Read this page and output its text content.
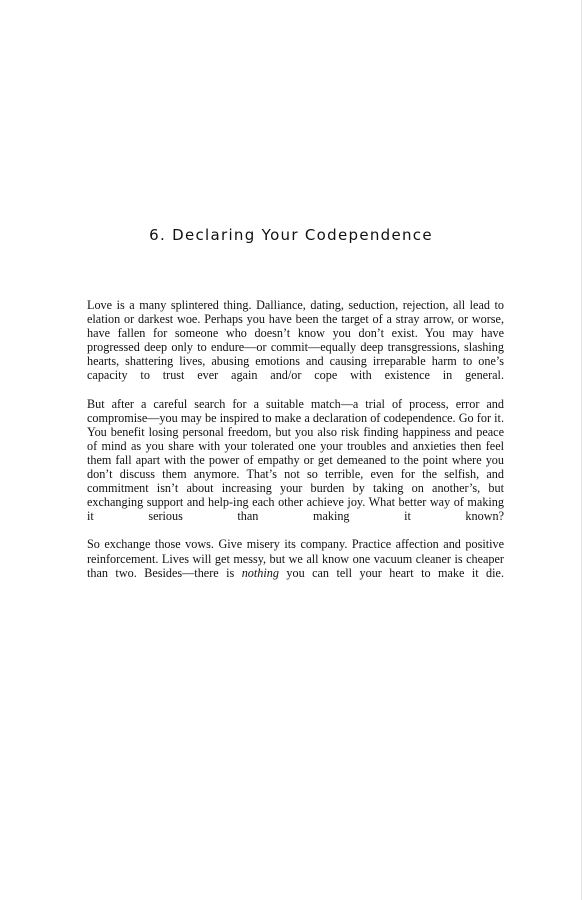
6. Declaring Your Codependence

Love is a many splintered thing. Dalliance, dating, seduction, rejection, all lead to elation or darkest woe. Perhaps you have been the target of a stray arrow, or worse, have fallen for someone who doesn’t know you don’t exist. You may have progressed deep only to endure—or commit—equally deep transgressions, slashing hearts, shattering lives, abusing emotions and causing irreparable harm to one’s capacity to trust ever again and/or cope with existence in general.

But after a careful search for a suitable match—a trial of process, error and compromise—you may be inspired to make a declaration of codependence. Go for it. You benefit losing personal freedom, but you also risk finding happiness and peace of mind as you share with your tolerated one your troubles and anxieties then feel them fall apart with the power of empathy or get demeaned to the point where you don’t discuss them anymore. That’s not so terrible, even for the selfish, and commitment isn’t about increasing your burden by taking on another’s, but exchanging support and help-ing each other achieve joy. What better way of making it serious than making it known?

So exchange those vows. Give misery its company. Practice affection and positive reinforcement. Lives will get messy, but we all know one vacuum cleaner is cheaper than two. Besides—there is nothing you can tell your heart to make it die.
